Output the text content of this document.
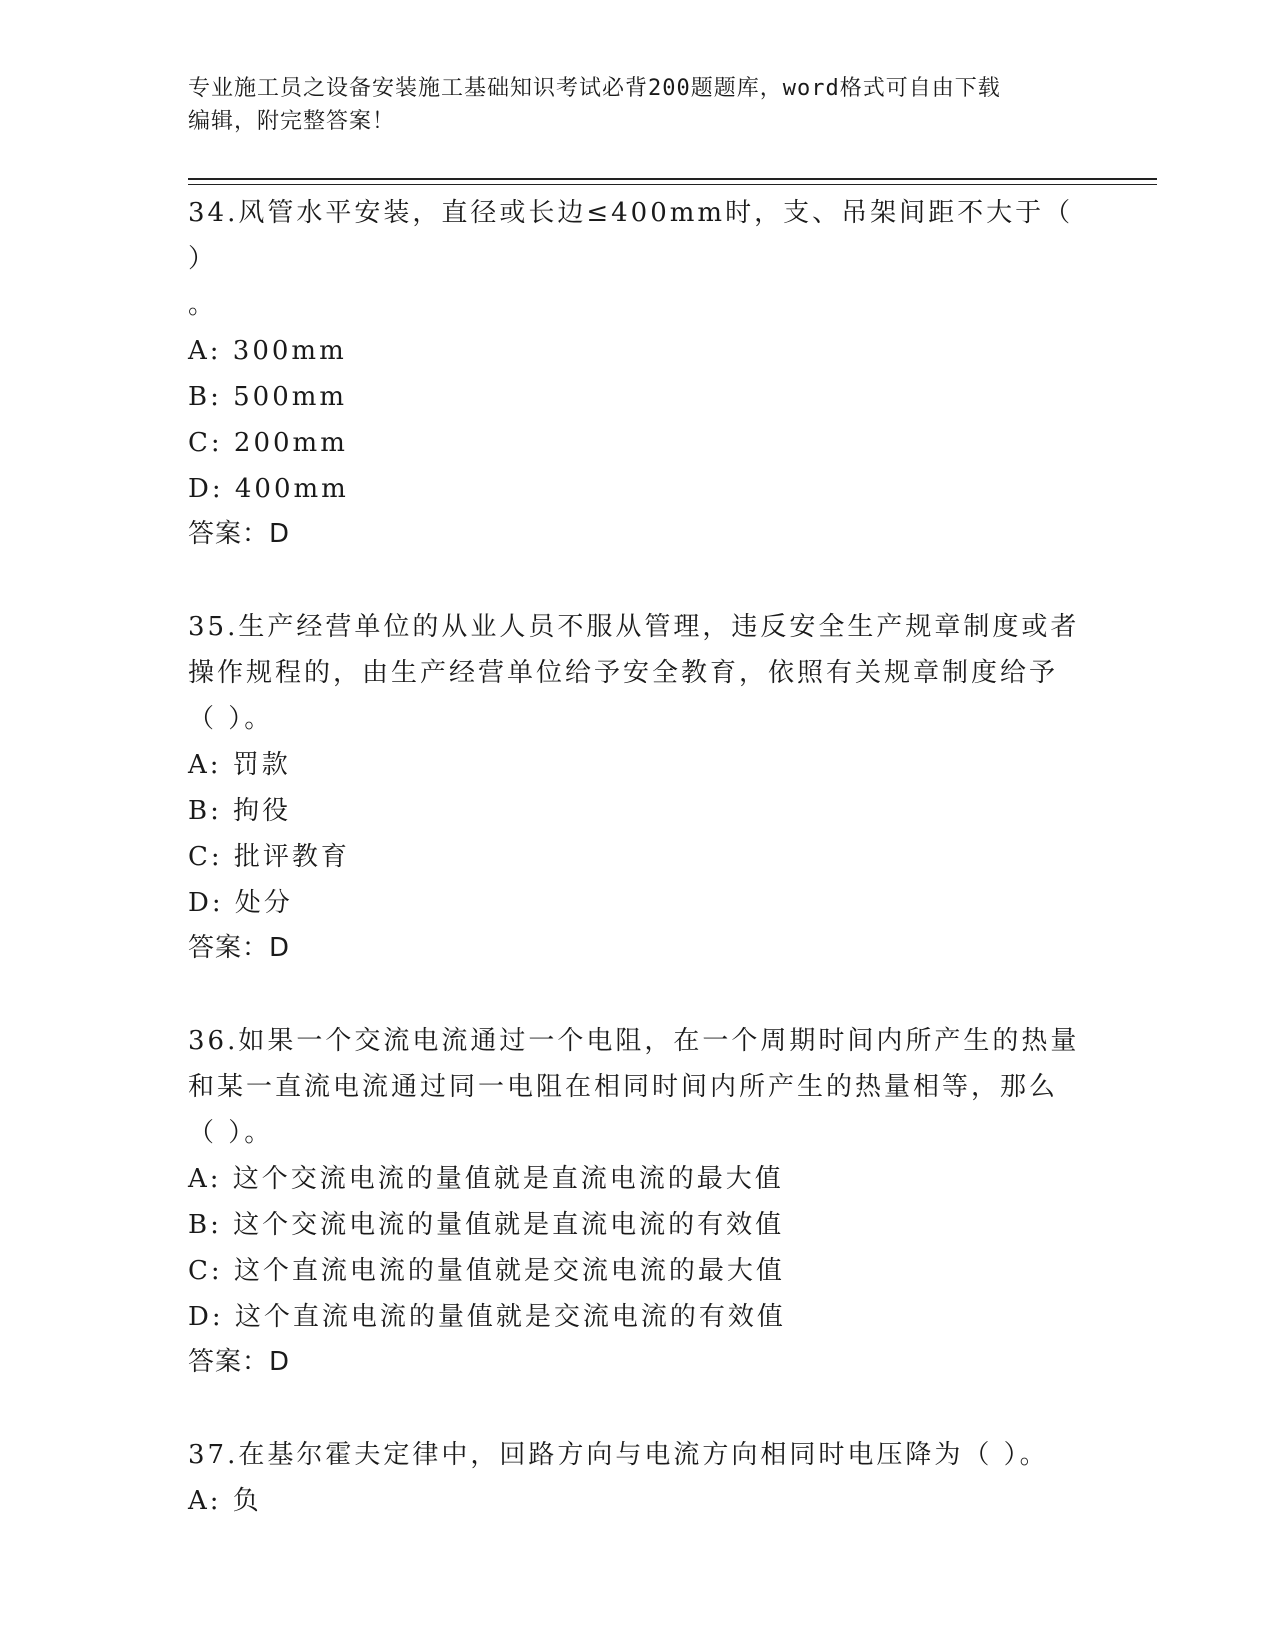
专业施工员之设备安装施工基础知识考试必背200题题库，word格式可自由下载
编辑，附完整答案！

34.风管水平安装，直径或长边≤400mm时，支、吊架间距不大于（ ）

。

A: 300mm

B: 500mm

C: 200mm

D: 400mm

答案：D

35.生产经营单位的从业人员不服从管理，违反安全生产规章制度或者

操作规程的，由生产经营单位给予安全教育，依照有关规章制度给予

（ ）。

A: 罚款

B: 拘役

C: 批评教育

D: 处分

答案：D

36.如果一个交流电流通过一个电阻，在一个周期时间内所产生的热量

和某一直流电流通过同一电阻在相同时间内所产生的热量相等，那么

（ ）。

A: 这个交流电流的量值就是直流电流的最大值

B: 这个交流电流的量值就是直流电流的有效值

C: 这个直流电流的量值就是交流电流的最大值

D: 这个直流电流的量值就是交流电流的有效值

答案：D

37.在基尔霍夫定律中，回路方向与电流方向相同时电压降为（ ）。

A: 负
